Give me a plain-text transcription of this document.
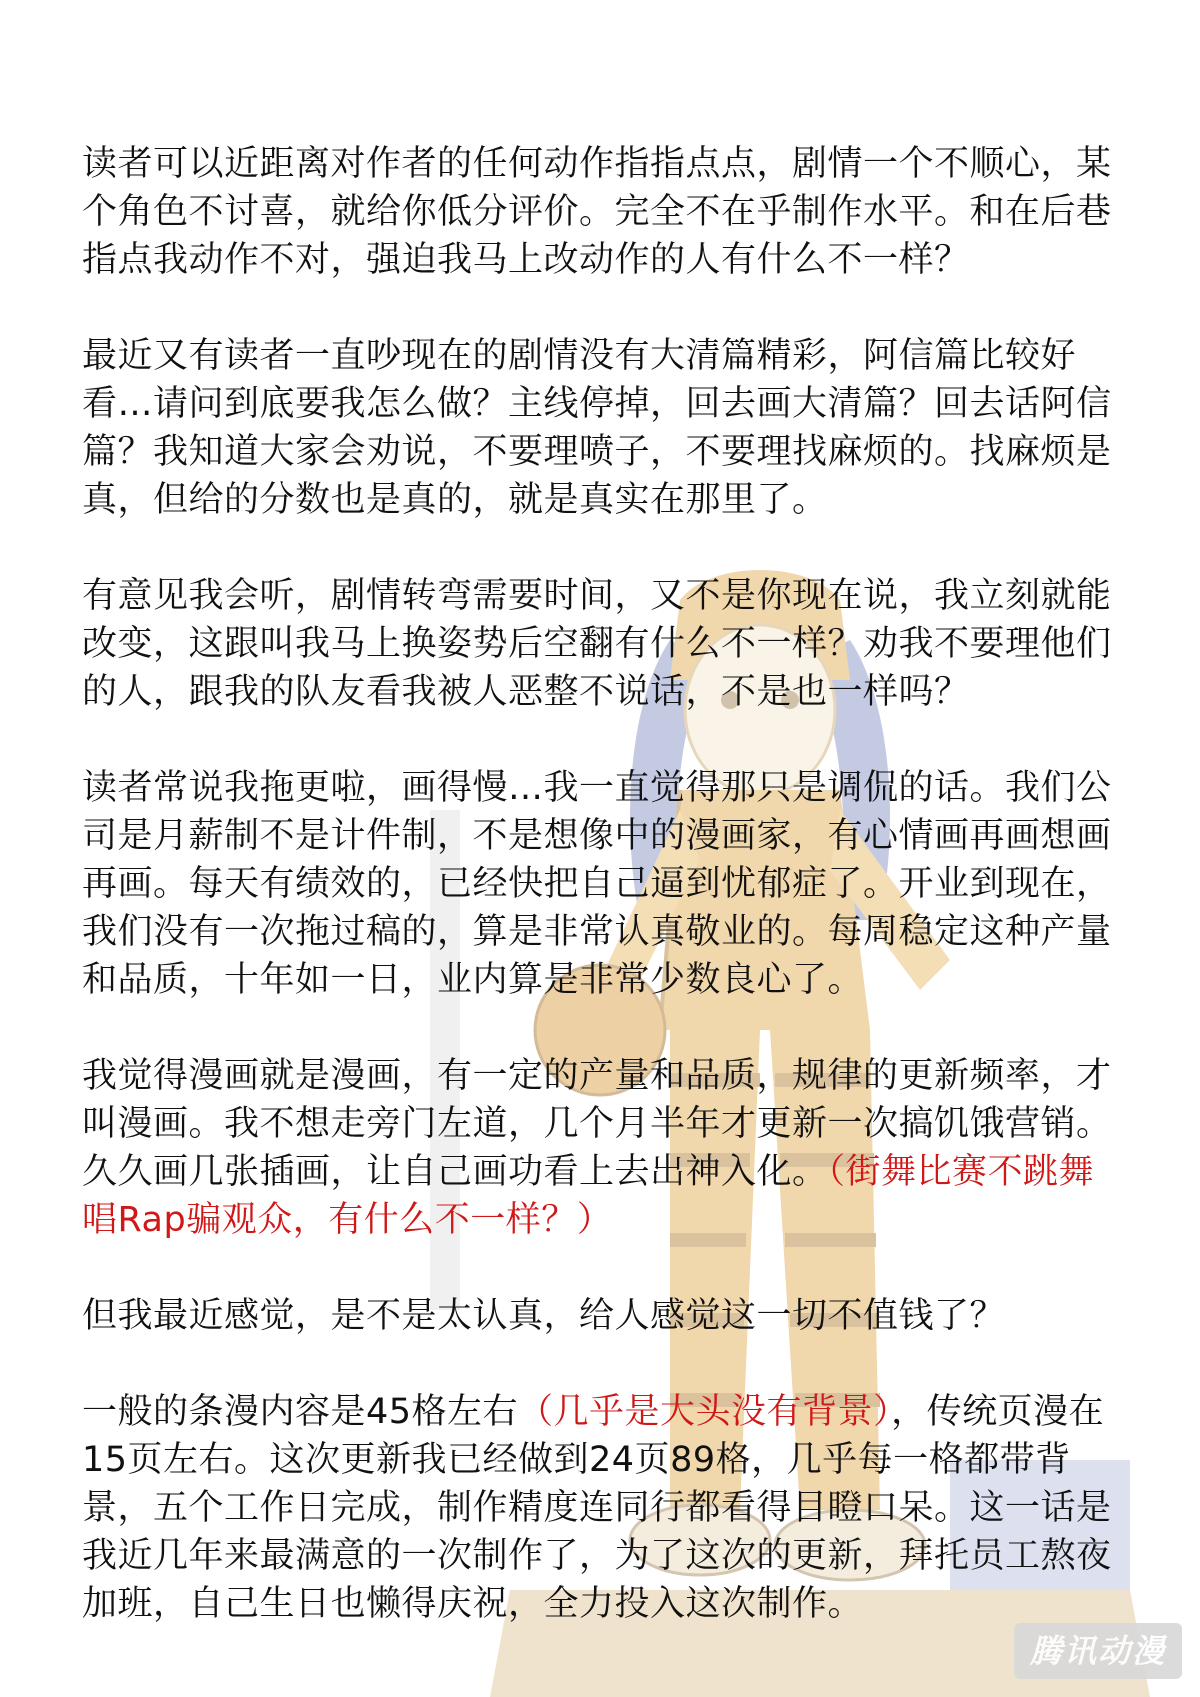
读者可以近距离对作者的任何动作指指点点，剧情一个不顺心，某个角色不讨喜，就给你低分评价。完全不在乎制作水平。和在后巷指点我动作不对，强迫我马上改动作的人有什么不一样？

最近又有读者一直吵现在的剧情没有大清篇精彩，阿信篇比较好看…请问到底要我怎么做？主线停掉，回去画大清篇？回去话阿信篇？我知道大家会劝说，不要理喷子，不要理找麻烦的。找麻烦是真，但给的分数也是真的，就是真实在那里了。

有意见我会听，剧情转弯需要时间，又不是你现在说，我立刻就能改变，这跟叫我马上换姿势后空翻有什么不一样？劝我不要理他们的人，跟我的队友看我被人恶整不说话，不是也一样吗？

读者常说我拖更啦，画得慢…我一直觉得那只是调侃的话。我们公司是月薪制不是计件制，不是想像中的漫画家，有心情画再画想画再画。每天有绩效的，已经快把自己逼到忧郁症了。开业到现在，我们没有一次拖过稿的，算是非常认真敬业的。每周稳定这种产量和品质，十年如一日，业内算是非常少数良心了。

我觉得漫画就是漫画，有一定的产量和品质，规律的更新频率，才叫漫画。我不想走旁门左道，几个月半年才更新一次搞饥饿营销。久久画几张插画，让自己画功看上去出神入化。（街舞比赛不跳舞唱Rap骗观众，有什么不一样？）

但我最近感觉，是不是太认真，给人感觉这一切不值钱了？

一般的条漫内容是45格左右（几乎是大头没有背景），传统页漫在15页左右。这次更新我已经做到24页89格，几乎每一格都带背景，五个工作日完成，制作精度连同行都看得目瞪口呆。这一话是我近几年来最满意的一次制作了，为了这次的更新，拜托员工熬夜加班，自己生日也懒得庆祝，全力投入这次制作。

腾讯动漫
